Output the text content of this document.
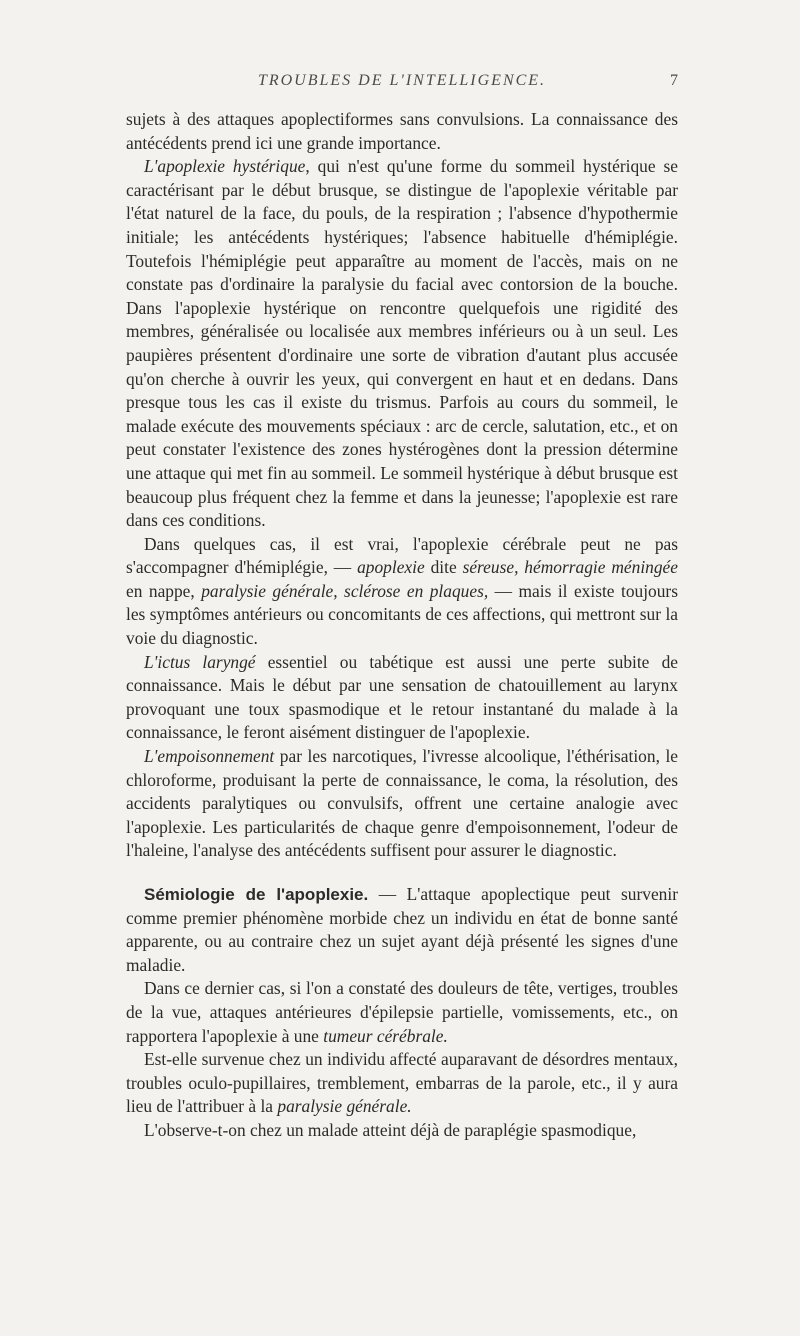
TROUBLES DE L'INTELLIGENCE.	7

sujets à des attaques apoplectiformes sans convulsions. La connaissance des antécédents prend ici une grande importance.

L'apoplexie hystérique, qui n'est qu'une forme du sommeil hystérique se caractérisant par le début brusque, se distingue de l'apoplexie véritable par l'état naturel de la face, du pouls, de la respiration ; l'absence d'hypothermie initiale; les antécédents hystériques; l'absence habituelle d'hémiplégie. Toutefois l'hémiplégie peut apparaître au moment de l'accès, mais on ne constate pas d'ordinaire la paralysie du facial avec contorsion de la bouche. Dans l'apoplexie hystérique on rencontre quelquefois une rigidité des membres, généralisée ou localisée aux membres inférieurs ou à un seul. Les paupières présentent d'ordinaire une sorte de vibration d'autant plus accusée qu'on cherche à ouvrir les yeux, qui convergent en haut et en dedans. Dans presque tous les cas il existe du trismus. Parfois au cours du sommeil, le malade exécute des mouvements spéciaux : arc de cercle, salutation, etc., et on peut constater l'existence des zones hystérogènes dont la pression détermine une attaque qui met fin au sommeil. Le sommeil hystérique à début brusque est beaucoup plus fréquent chez la femme et dans la jeunesse; l'apoplexie est rare dans ces conditions.

Dans quelques cas, il est vrai, l'apoplexie cérébrale peut ne pas s'accompagner d'hémiplégie, — apoplexie dite séreuse, hémorragie méningée en nappe, paralysie générale, sclérose en plaques, — mais il existe toujours les symptômes antérieurs ou concomitants de ces affections, qui mettront sur la voie du diagnostic.

L'ictus laryngé essentiel ou tabétique est aussi une perte subite de connaissance. Mais le début par une sensation de chatouillement au larynx provoquant une toux spasmodique et le retour instantané du malade à la connaissance, le feront aisément distinguer de l'apoplexie.

L'empoisonnement par les narcotiques, l'ivresse alcoolique, l'éthérisation, le chloroforme, produisant la perte de connaissance, le coma, la résolution, des accidents paralytiques ou convulsifs, offrent une certaine analogie avec l'apoplexie. Les particularités de chaque genre d'empoisonnement, l'odeur de l'haleine, l'analyse des antécédents suffisent pour assurer le diagnostic.

Sémiologie de l'apoplexie. — L'attaque apoplectique peut survenir comme premier phénomène morbide chez un individu en état de bonne santé apparente, ou au contraire chez un sujet ayant déjà présenté les signes d'une maladie.

Dans ce dernier cas, si l'on a constaté des douleurs de tête, vertiges, troubles de la vue, attaques antérieures d'épilepsie partielle, vomissements, etc., on rapportera l'apoplexie à une tumeur cérébrale.

Est-elle survenue chez un individu affecté auparavant de désordres mentaux, troubles oculo-pupillaires, tremblement, embarras de la parole, etc., il y aura lieu de l'attribuer à la paralysie générale.

L'observe-t-on chez un malade atteint déjà de paraplégie spasmodique,
